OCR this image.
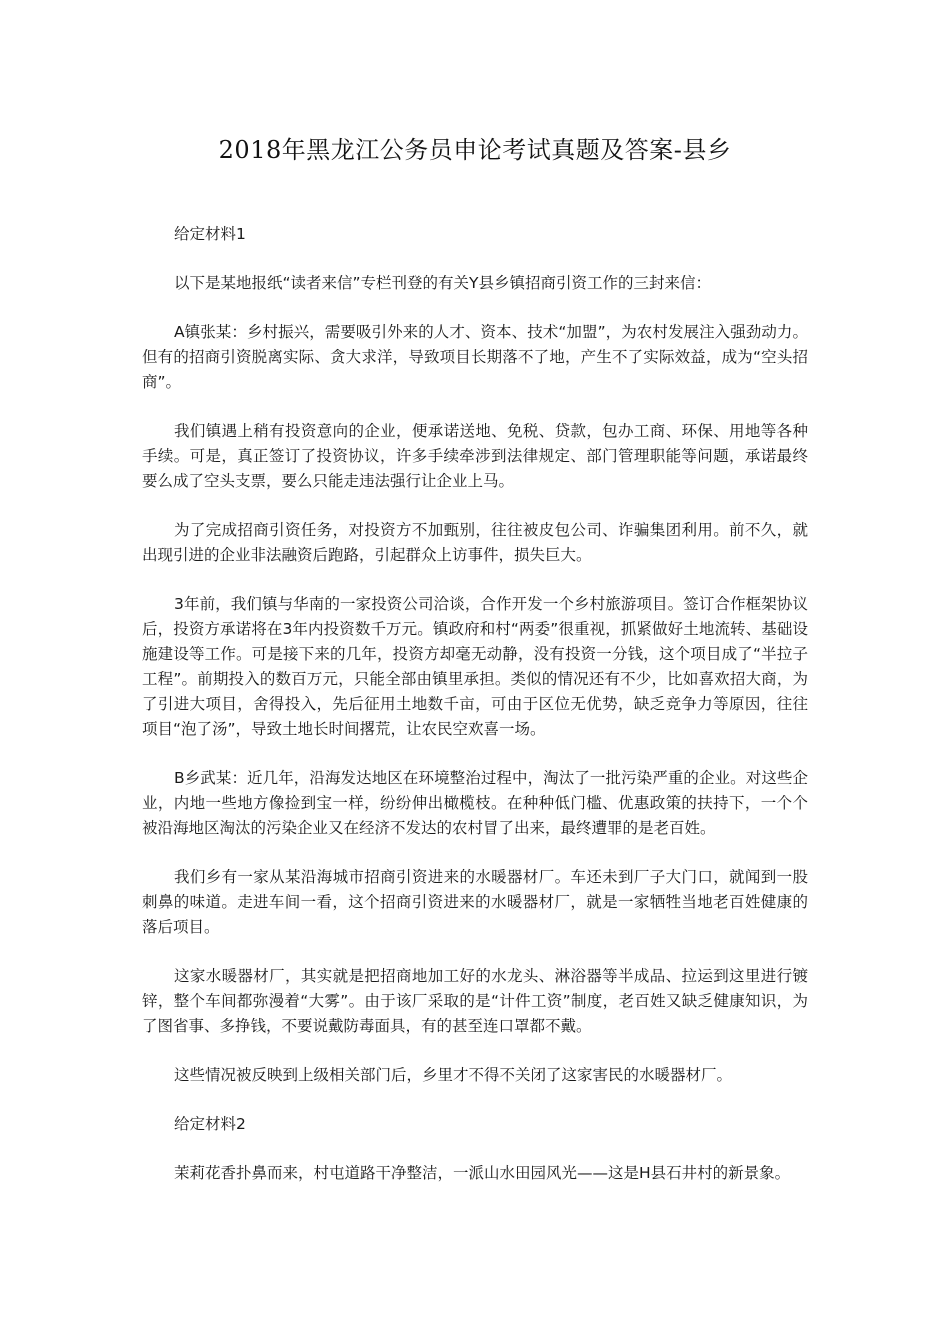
2018年黑龙江公务员申论考试真题及答案-县乡

给定材料1

以下是某地报纸“读者来信”专栏刊登的有关Y县乡镇招商引资工作的三封来信：

A镇张某：乡村振兴，需要吸引外来的人才、资本、技术“加盟”，为农村发展注入强劲动力。但有的招商引资脱离实际、贪大求洋，导致项目长期落不了地，产生不了实际效益，成为“空头招商”。

我们镇遇上稍有投资意向的企业，便承诺送地、免税、贷款，包办工商、环保、用地等各种手续。可是，真正签订了投资协议，许多手续牵涉到法律规定、部门管理职能等问题，承诺最终要么成了空头支票，要么只能走违法强行让企业上马。

为了完成招商引资任务，对投资方不加甄别，往往被皮包公司、诈骗集团利用。前不久，就出现引进的企业非法融资后跑路，引起群众上访事件，损失巨大。

3年前，我们镇与华南的一家投资公司洽谈，合作开发一个乡村旅游项目。签订合作框架协议后，投资方承诺将在3年内投资数千万元。镇政府和村“两委”很重视，抓紧做好土地流转、基础设施建设等工作。可是接下来的几年，投资方却毫无动静，没有投资一分钱，这个项目成了“半拉子工程”。前期投入的数百万元，只能全部由镇里承担。类似的情况还有不少，比如喜欢招大商，为了引进大项目，舍得投入，先后征用土地数千亩，可由于区位无优势，缺乏竞争力等原因，往往项目“泡了汤”，导致土地长时间撂荒，让农民空欢喜一场。

B乡武某：近几年，沿海发达地区在环境整治过程中，淘汰了一批污染严重的企业。对这些企业，内地一些地方像捡到宝一样，纷纷伸出橄榄枝。在种种低门槛、优惠政策的扶持下，一个个被沿海地区淘汰的污染企业又在经济不发达的农村冒了出来，最终遭罪的是老百姓。

我们乡有一家从某沿海城市招商引资进来的水暖器材厂。车还未到厂子大门口，就闻到一股刺鼻的味道。走进车间一看，这个招商引资进来的水暖器材厂，就是一家牺牲当地老百姓健康的落后项目。

这家水暖器材厂，其实就是把招商地加工好的水龙头、淋浴器等半成品、拉运到这里进行镀锌，整个车间都弥漫着“大雾”。由于该厂采取的是“计件工资”制度，老百姓又缺乏健康知识，为了图省事、多挣钱，不要说戴防毒面具，有的甚至连口罩都不戴。

这些情况被反映到上级相关部门后，乡里才不得不关闭了这家害民的水暖器材厂。

给定材料2

茉莉花香扑鼻而来，村屯道路干净整洁，一派山水田园风光——这是H县石井村的新景象。
